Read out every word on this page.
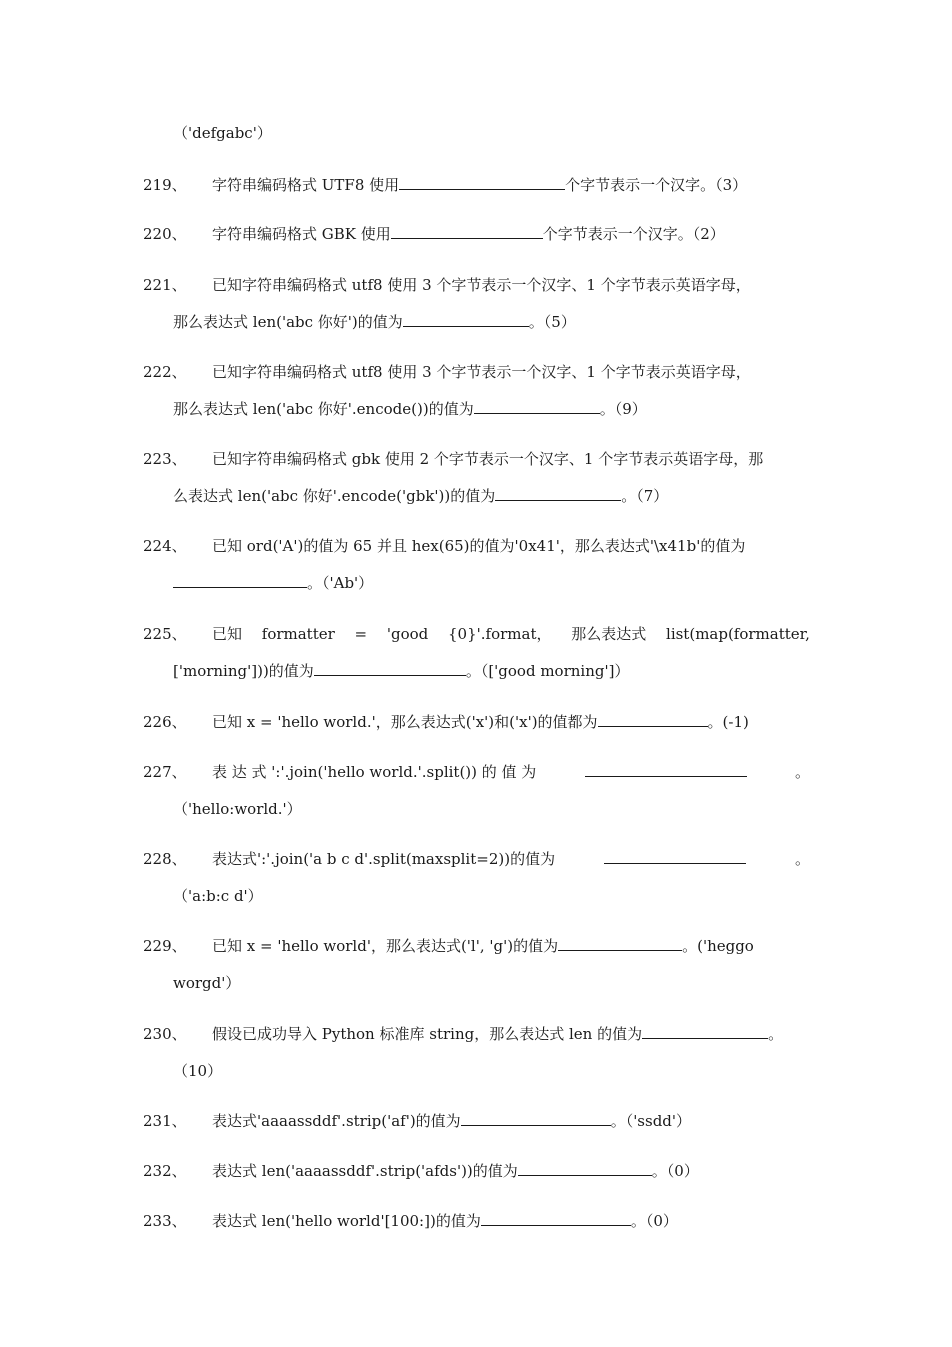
（'defgabc'）
219、 字符串编码格式 UTF8 使用	个字节表示一个汉字。（3）
220、 字符串编码格式 GBK 使用	个字节表示一个汉字。（2）
221、 已知字符串编码格式 utf8 使用 3 个字节表示一个汉字、1 个字节表示英语字母，
那么表达式 len('abc 你好')的值为	。（5）
222、 已知字符串编码格式 utf8 使用 3 个字节表示一个汉字、1 个字节表示英语字母，
那么表达式 len('abc 你好'.encode())的值为	。（9）
223、 已知字符串编码格式 gbk 使用 2 个字节表示一个汉字、1 个字节表示英语字母，那
么表达式 len('abc 你好'.encode('gbk'))的值为	。（7）
224、 已知 ord('A')的值为 65 并且 hex(65)的值为'0x41'，那么表达式'\x41b'的值为
。（'Ab'）
225、 已知 formatter = 'good {0}'.format， 那么表达式 list(map(formatter,
['morning']))的值为	。（['good morning']）
226、 已知 x = 'hello world.'，那么表达式('x')和('x')的值都为	。(-1)
227、 表 达 式 ':'.join('hello world.'.split()) 的 值 为	。
（'hello:world.'）
228、 表达式':'.join('a b c d'.split(maxsplit=2))的值为	。
（'a:b:c d'）
229、 已知 x = 'hello world'，那么表达式('l', 'g')的值为	。('heggo
worgd'）
230、 假设已成功导入 Python 标准库 string，那么表达式 len 的值为	。
（10）
231、 表达式'aaaassddf'.strip('af')的值为	。（'ssdd'）
232、 表达式 len('aaaassddf'.strip('afds'))的值为	。（0）
233、 表达式 len('hello world'[100:])的值为	。（0）
